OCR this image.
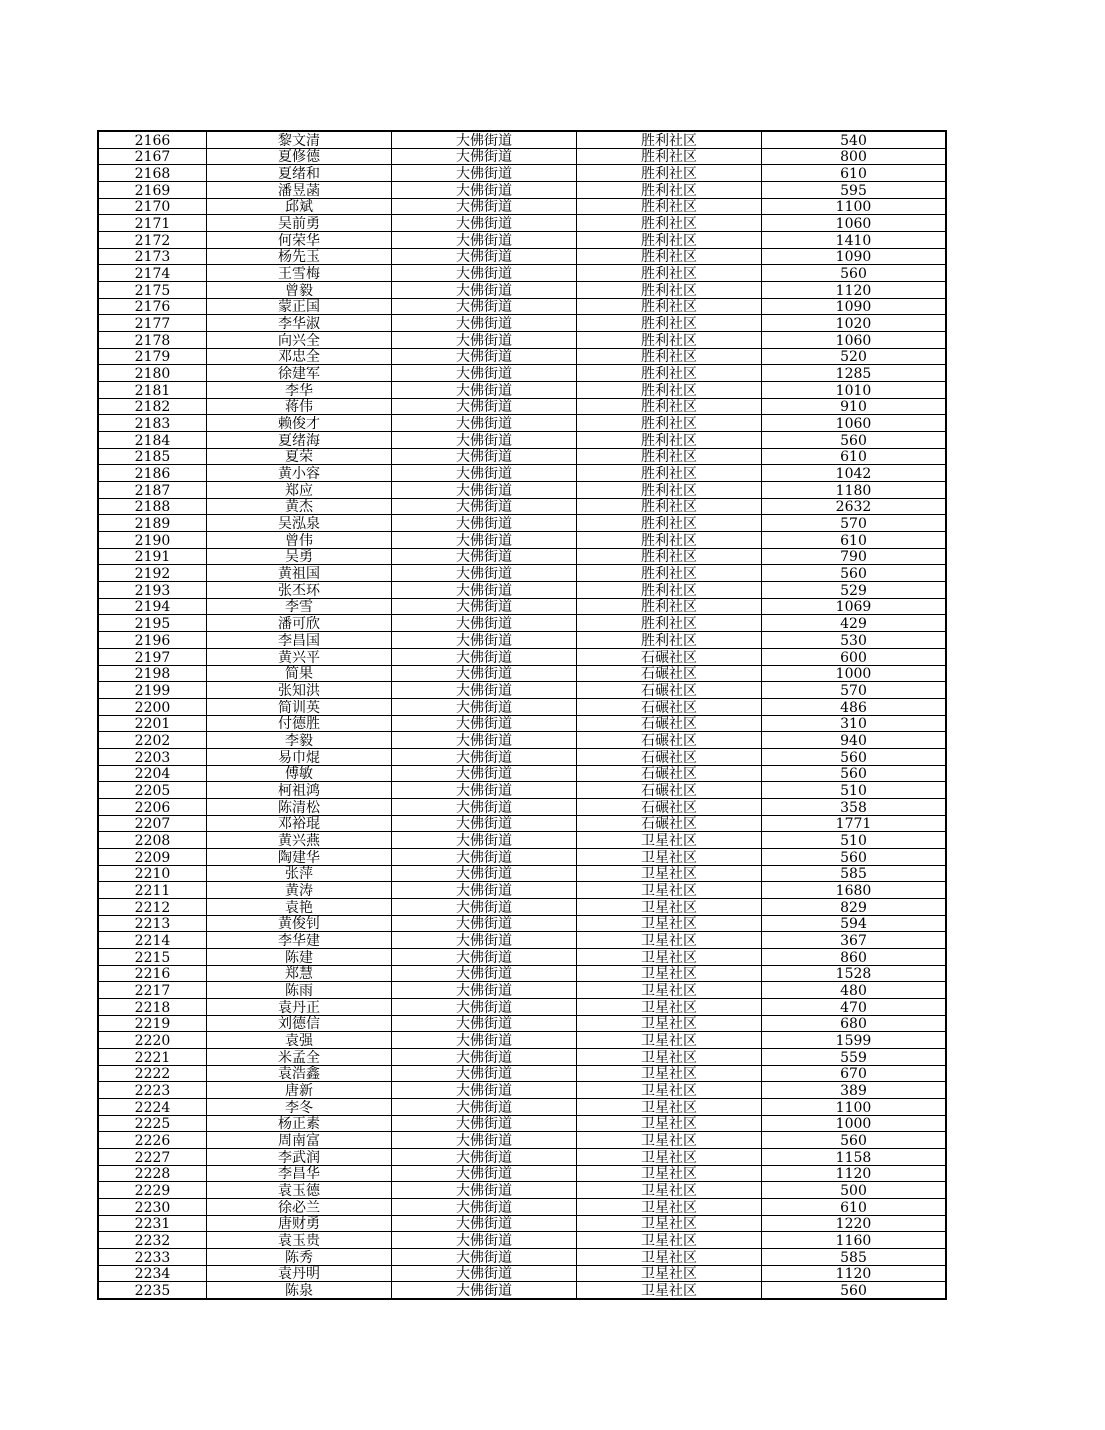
2166	黎文清	大佛街道	胜利社区	540
2167	夏修德	大佛街道	胜利社区	800
2168	夏绪和	大佛街道	胜利社区	610
2169	潘昱菡	大佛街道	胜利社区	595
2170	邱斌	大佛街道	胜利社区	1100
2171	吴前勇	大佛街道	胜利社区	1060
2172	何荣华	大佛街道	胜利社区	1410
2173	杨先玉	大佛街道	胜利社区	1090
2174	王雪梅	大佛街道	胜利社区	560
2175	曾毅	大佛街道	胜利社区	1120
2176	蒙正国	大佛街道	胜利社区	1090
2177	李华淑	大佛街道	胜利社区	1020
2178	向兴全	大佛街道	胜利社区	1060
2179	邓忠全	大佛街道	胜利社区	520
2180	徐建军	大佛街道	胜利社区	1285
2181	李华	大佛街道	胜利社区	1010
2182	蒋伟	大佛街道	胜利社区	910
2183	赖俊才	大佛街道	胜利社区	1060
2184	夏绪海	大佛街道	胜利社区	560
2185	夏荣	大佛街道	胜利社区	610
2186	黄小容	大佛街道	胜利社区	1042
2187	郑应	大佛街道	胜利社区	1180
2188	黄杰	大佛街道	胜利社区	2632
2189	吴泓泉	大佛街道	胜利社区	570
2190	曾伟	大佛街道	胜利社区	610
2191	吴勇	大佛街道	胜利社区	790
2192	黄祖国	大佛街道	胜利社区	560
2193	张丕环	大佛街道	胜利社区	529
2194	李雪	大佛街道	胜利社区	1069
2195	潘可欣	大佛街道	胜利社区	429
2196	李昌国	大佛街道	胜利社区	530
2197	黄兴平	大佛街道	石碾社区	600
2198	简果	大佛街道	石碾社区	1000
2199	张知洪	大佛街道	石碾社区	570
2200	简训英	大佛街道	石碾社区	486
2201	付德胜	大佛街道	石碾社区	310
2202	李毅	大佛街道	石碾社区	940
2203	易巾焜	大佛街道	石碾社区	560
2204	傅敏	大佛街道	石碾社区	560
2205	柯祖鸿	大佛街道	石碾社区	510
2206	陈清松	大佛街道	石碾社区	358
2207	邓裕琨	大佛街道	石碾社区	1771
2208	黄兴燕	大佛街道	卫星社区	510
2209	陶建华	大佛街道	卫星社区	560
2210	张萍	大佛街道	卫星社区	585
2211	黄涛	大佛街道	卫星社区	1680
2212	袁艳	大佛街道	卫星社区	829
2213	黄俊钊	大佛街道	卫星社区	594
2214	李华建	大佛街道	卫星社区	367
2215	陈建	大佛街道	卫星社区	860
2216	郑慧	大佛街道	卫星社区	1528
2217	陈雨	大佛街道	卫星社区	480
2218	袁丹正	大佛街道	卫星社区	470
2219	刘德信	大佛街道	卫星社区	680
2220	袁强	大佛街道	卫星社区	1599
2221	米孟全	大佛街道	卫星社区	559
2222	袁浩鑫	大佛街道	卫星社区	670
2223	唐新	大佛街道	卫星社区	389
2224	李冬	大佛街道	卫星社区	1100
2225	杨正素	大佛街道	卫星社区	1000
2226	周南富	大佛街道	卫星社区	560
2227	李武润	大佛街道	卫星社区	1158
2228	李昌华	大佛街道	卫星社区	1120
2229	袁玉德	大佛街道	卫星社区	500
2230	徐必兰	大佛街道	卫星社区	610
2231	唐财勇	大佛街道	卫星社区	1220
2232	袁玉贵	大佛街道	卫星社区	1160
2233	陈秀	大佛街道	卫星社区	585
2234	袁丹明	大佛街道	卫星社区	1120
2235	陈泉	大佛街道	卫星社区	560
